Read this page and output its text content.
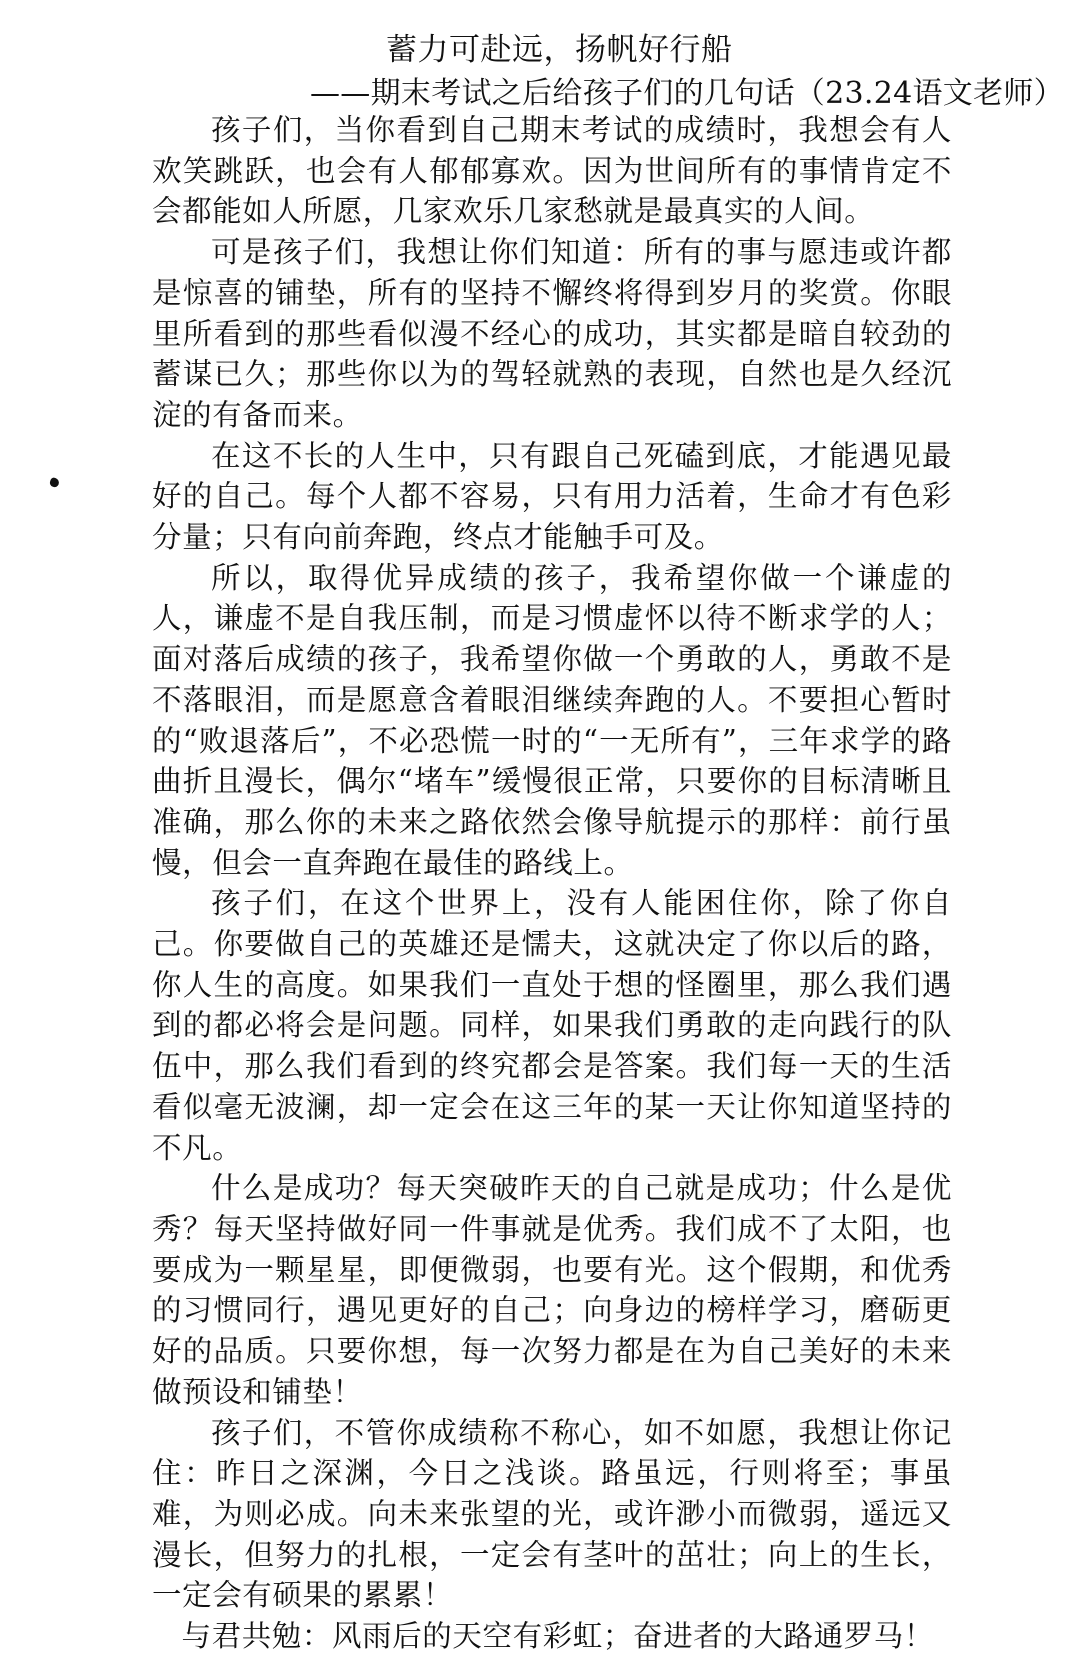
蓄力可赴远，扬帆好行船
——期末考试之后给孩子们的几句话（23.24语文老师）

孩子们，当你看到自己期末考试的成绩时，我想会有人欢笑跳跃，也会有人郁郁寡欢。因为世间所有的事情肯定不会都能如人所愿，几家欢乐几家愁就是最真实的人间。

可是孩子们，我想让你们知道：所有的事与愿违或许都是惊喜的铺垫，所有的坚持不懈终将得到岁月的奖赏。你眼里所看到的那些看似漫不经心的成功，其实都是暗自较劲的蓄谋已久；那些你以为的驾轻就熟的表现，自然也是久经沉淀的有备而来。

在这不长的人生中，只有跟自己死磕到底，才能遇见最好的自己。每个人都不容易，只有用力活着，生命才有色彩分量；只有向前奔跑，终点才能触手可及。

所以，取得优异成绩的孩子，我希望你做一个谦虚的人，谦虚不是自我压制，而是习惯虚怀以待不断求学的人；面对落后成绩的孩子，我希望你做一个勇敢的人，勇敢不是不落眼泪，而是愿意含着眼泪继续奔跑的人。不要担心暂时的“败退落后”，不必恐慌一时的“一无所有”，三年求学的路曲折且漫长，偶尔“堵车”缓慢很正常，只要你的目标清晰且准确，那么你的未来之路依然会像导航提示的那样：前行虽慢，但会一直奔跑在最佳的路线上。

孩子们，在这个世界上，没有人能困住你，除了你自己。你要做自己的英雄还是懦夫，这就决定了你以后的路，你人生的高度。如果我们一直处于想的怪圈里，那么我们遇到的都必将会是问题。同样，如果我们勇敢的走向践行的队伍中，那么我们看到的终究都会是答案。我们每一天的生活看似毫无波澜，却一定会在这三年的某一天让你知道坚持的不凡。

什么是成功？每天突破昨天的自己就是成功；什么是优秀？每天坚持做好同一件事就是优秀。我们成不了太阳，也要成为一颗星星，即便微弱，也要有光。这个假期，和优秀的习惯同行，遇见更好的自己；向身边的榜样学习，磨砺更好的品质。只要你想，每一次努力都是在为自己美好的未来做预设和铺垫！

孩子们，不管你成绩称不称心，如不如愿，我想让你记住：昨日之深渊，今日之浅谈。路虽远，行则将至；事虽难，为则必成。向未来张望的光，或许渺小而微弱，遥远又漫长，但努力的扎根，一定会有茎叶的茁壮；向上的生长，一定会有硕果的累累！

与君共勉：风雨后的天空有彩虹；奋进者的大路通罗马！
